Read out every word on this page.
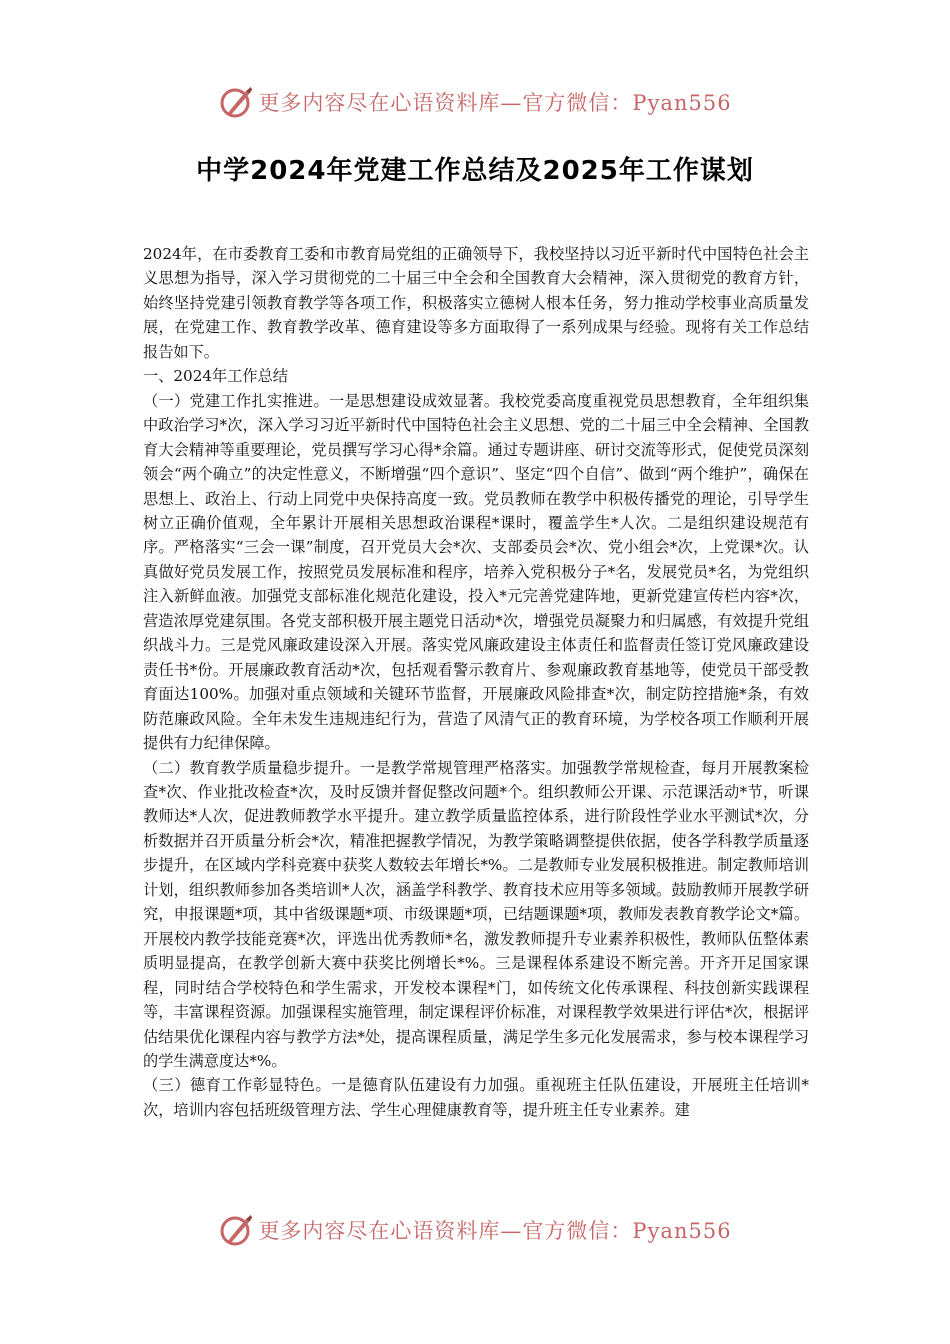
更多内容尽在心语资料库—官方微信：Pyan556
中学2024年党建工作总结及2025年工作谋划

2024年，在市委教育工委和市教育局党组的正确领导下，我校坚持以习近平新时代中国特色社会主义思想为指导，深入学习贯彻党的二十届三中全会和全国教育大会精神，深入贯彻党的教育方针，始终坚持党建引领教育教学等各项工作，积极落实立德树人根本任务，努力推动学校事业高质量发展，在党建工作、教育教学改革、德育建设等多方面取得了一系列成果与经验。现将有关工作总结报告如下。

一、2024年工作总结

（一）党建工作扎实推进。一是思想建设成效显著。我校党委高度重视党员思想教育，全年组织集中政治学习*次，深入学习习近平新时代中国特色社会主义思想、党的二十届三中全会精神、全国教育大会精神等重要理论，党员撰写学习心得*余篇。通过专题讲座、研讨交流等形式，促使党员深刻领会“两个确立”的决定性意义，不断增强“四个意识”、坚定“四个自信”、做到“两个维护”，确保在思想上、政治上、行动上同党中央保持高度一致。党员教师在教学中积极传播党的理论，引导学生树立正确价值观，全年累计开展相关思想政治课程*课时，覆盖学生*人次。二是组织建设规范有序。严格落实“三会一课”制度，召开党员大会*次、支部委员会*次、党小组会*次，上党课*次。认真做好党员发展工作，按照党员发展标准和程序，培养入党积极分子*名，发展党员*名，为党组织注入新鲜血液。加强党支部标准化规范化建设，投入*元完善党建阵地，更新党建宣传栏内容*次，营造浓厚党建氛围。各党支部积极开展主题党日活动*次，增强党员凝聚力和归属感，有效提升党组织战斗力。三是党风廉政建设深入开展。落实党风廉政建设主体责任和监督责任签订党风廉政建设责任书*份。开展廉政教育活动*次，包括观看警示教育片、参观廉政教育基地等，使党员干部受教育面达100%。加强对重点领域和关键环节监督，开展廉政风险排查*次，制定防控措施*条，有效防范廉政风险。全年未发生违规违纪行为，营造了风清气正的教育环境，为学校各项工作顺利开展提供有力纪律保障。

（二）教育教学质量稳步提升。一是教学常规管理严格落实。加强教学常规检查，每月开展教案检查*次、作业批改检查*次，及时反馈并督促整改问题*个。组织教师公开课、示范课活动*节，听课教师达*人次，促进教师教学水平提升。建立教学质量监控体系，进行阶段性学业水平测试*次，分析数据并召开质量分析会*次，精准把握教学情况，为教学策略调整提供依据，使各学科教学质量逐步提升，在区域内学科竞赛中获奖人数较去年增长*%。二是教师专业发展积极推进。制定教师培训计划，组织教师参加各类培训*人次，涵盖学科教学、教育技术应用等多领域。鼓励教师开展教学研究，申报课题*项，其中省级课题*项、市级课题*项，已结题课题*项，教师发表教育教学论文*篇。开展校内教学技能竞赛*次，评选出优秀教师*名，激发教师提升专业素养积极性，教师队伍整体素质明显提高，在教学创新大赛中获奖比例增长*%。三是课程体系建设不断完善。开齐开足国家课程，同时结合学校特色和学生需求，开发校本课程*门，如传统文化传承课程、科技创新实践课程等，丰富课程资源。加强课程实施管理，制定课程评价标准，对课程教学效果进行评估*次，根据评估结果优化课程内容与教学方法*处，提高课程质量，满足学生多元化发展需求，参与校本课程学习的学生满意度达*%。

（三）德育工作彰显特色。一是德育队伍建设有力加强。重视班主任队伍建设，开展班主任培训*次，培训内容包括班级管理方法、学生心理健康教育等，提升班主任专业素养。建

更多内容尽在心语资料库—官方微信：Pyan556
